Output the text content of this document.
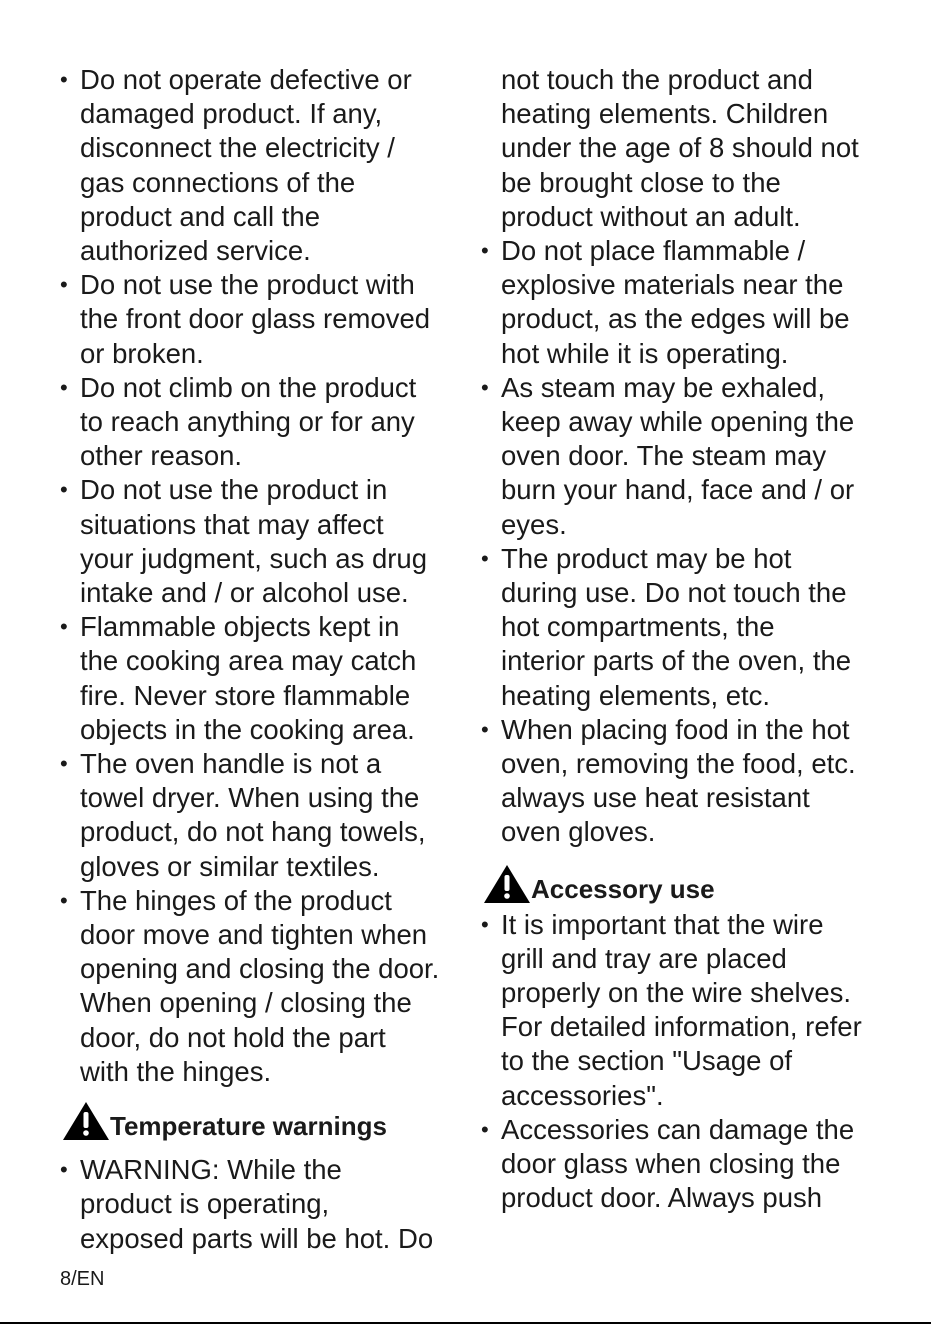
• Do not operate defective or
damaged product. If any,
disconnect the electricity /
gas connections of the
product and call the
authorized service.
• Do not use the product with
the front door glass removed
or broken.
• Do not climb on the product
to reach anything or for any
other reason.
• Do not use the product in
situations that may affect
your judgment, such as drug
intake and / or alcohol use.
• Flammable objects kept in
the cooking area may catch
fire. Never store flammable
objects in the cooking area.
• The oven handle is not a
towel dryer. When using the
product, do not hang towels,
gloves or similar textiles.
• The hinges of the product
door move and tighten when
opening and closing the door.
When opening / closing the
door, do not hold the part
with the hinges.
Temperature warnings
• WARNING: While the
product is operating,
exposed parts will be hot. Do
not touch the product and
heating elements. Children
under the age of 8 should not
be brought close to the
product without an adult.
• Do not place flammable /
explosive materials near the
product, as the edges will be
hot while it is operating.
• As steam may be exhaled,
keep away while opening the
oven door. The steam may
burn your hand, face and / or
eyes.
• The product may be hot
during use. Do not touch the
hot compartments, the
interior parts of the oven, the
heating elements, etc.
• When placing food in the hot
oven, removing the food, etc.
always use heat resistant
oven gloves.
Accessory use
• It is important that the wire
grill and tray are placed
properly on the wire shelves.
For detailed information, refer
to the section "Usage of
accessories".
• Accessories can damage the
door glass when closing the
product door. Always push
8/EN
